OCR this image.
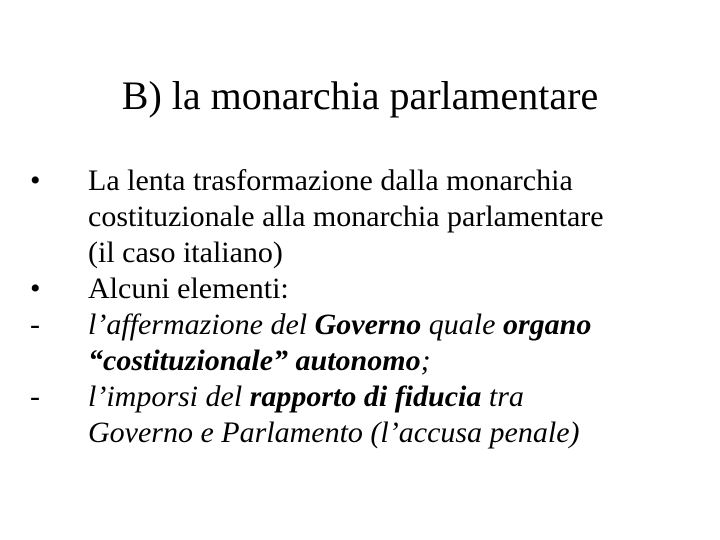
B) la monarchia parlamentare
•	La lenta trasformazione dalla monarchia
costituzionale alla monarchia parlamentare
(il caso italiano)
•	Alcuni elementi:
-	l’affermazione del Governo quale organo
“costituzionale” autonomo;
-	l’imporsi del rapporto di fiducia tra
Governo e Parlamento (l’accusa penale)
